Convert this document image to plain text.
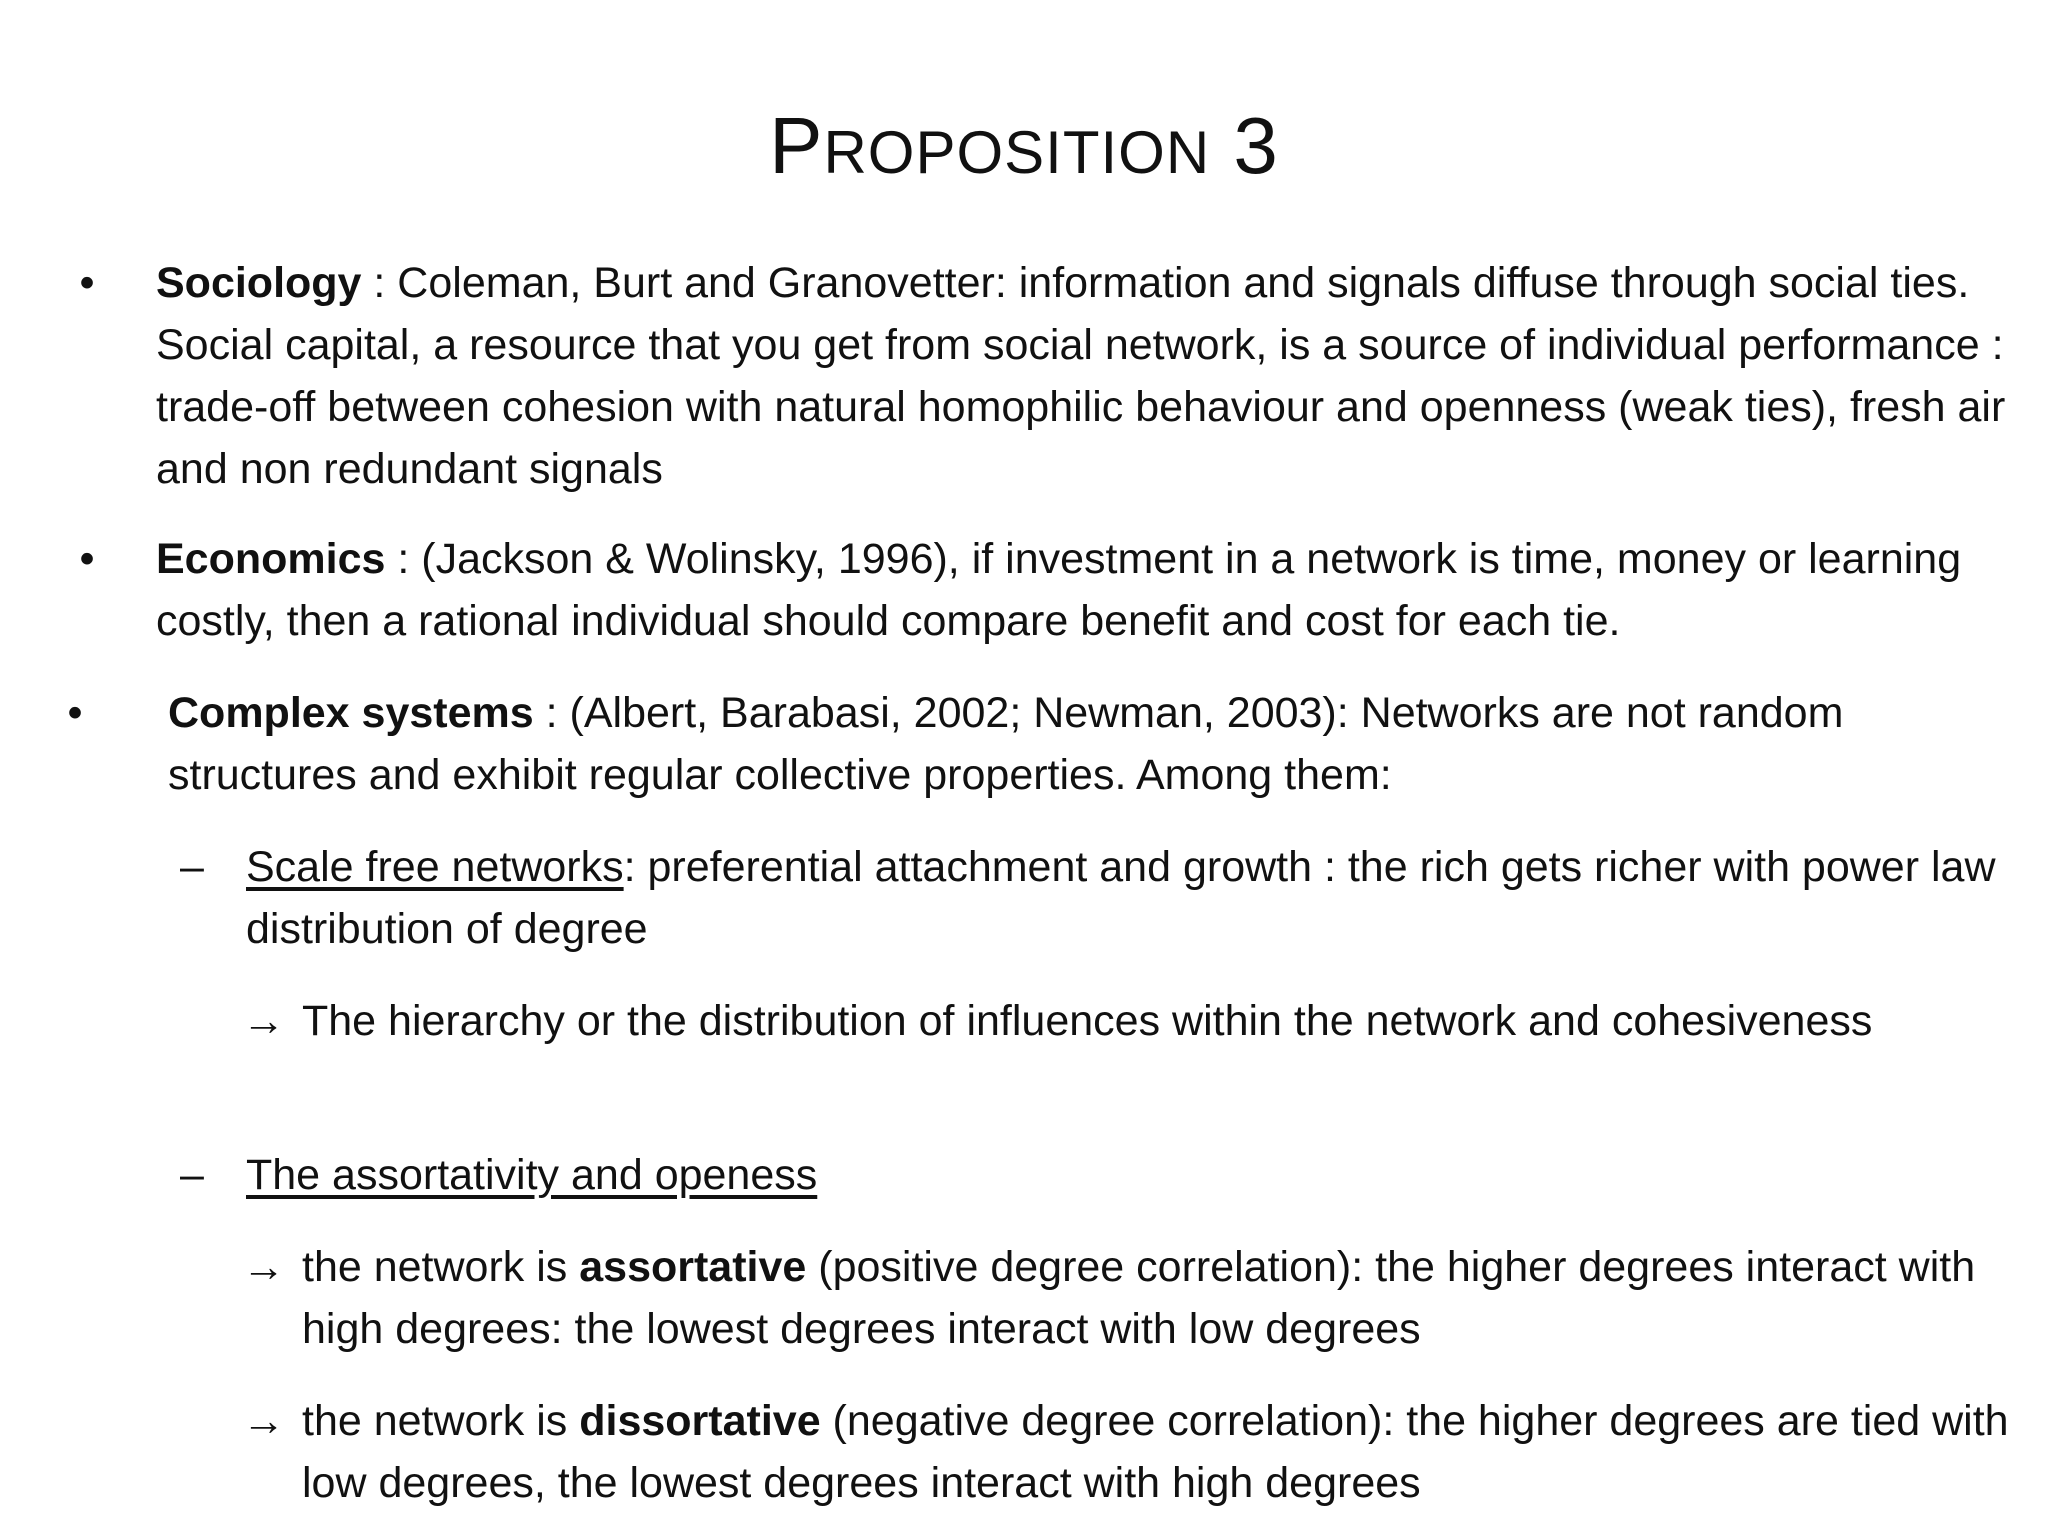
PROPOSITION 3
• Sociology : Coleman, Burt and Granovetter: information and signals diffuse through social ties. Social capital, a resource that you get from social network, is a source of individual performance : trade-off between cohesion with natural homophilic behaviour and openness (weak ties), fresh air and non redundant signals
• Economics : (Jackson & Wolinsky, 1996), if investment in a network is time, money or learning costly, then a rational individual should compare benefit and cost for each tie.
• Complex systems : (Albert, Barabasi, 2002; Newman, 2003): Networks are not random structures and exhibit regular collective properties. Among them:
– Scale free networks: preferential attachment and growth : the rich gets richer with power law distribution of degree
→ The hierarchy or the distribution of influences within the network and cohesiveness
– The assortativity and openess
→ the network is assortative (positive degree correlation): the higher degrees interact with high degrees: the lowest degrees interact with low degrees
→ the network is dissortative (negative degree correlation): the higher degrees are tied with low degrees, the lowest degrees interact with high degrees
